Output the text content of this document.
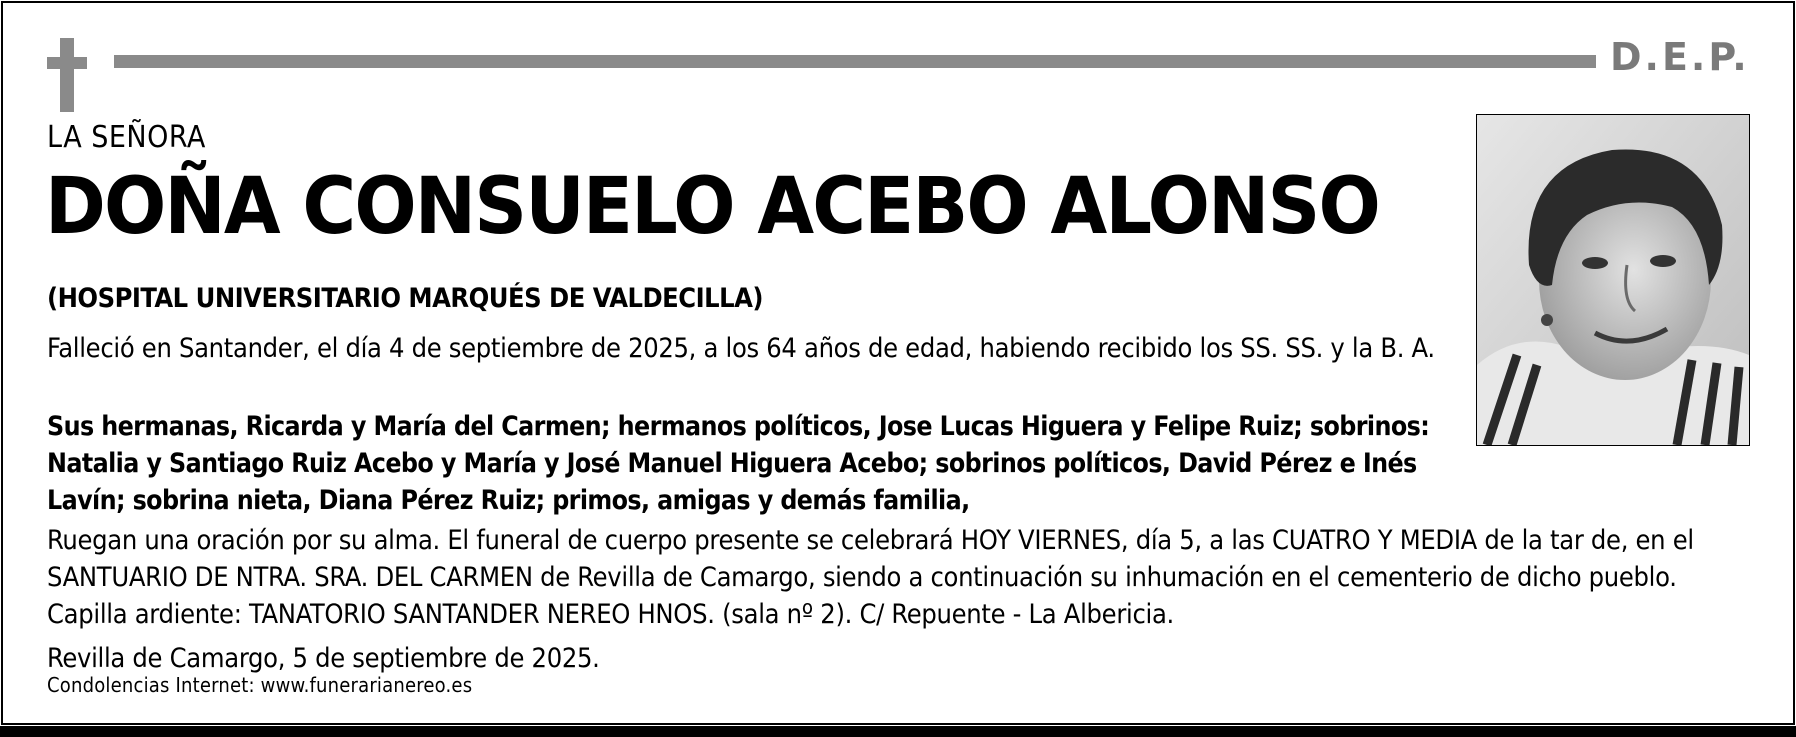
D.E.P.
LA SEÑORA
DOÑA CONSUELO ACEBO ALONSO
(HOSPITAL UNIVERSITARIO MARQUÉS DE VALDECILLA)

Falleció en Santander, el día 4 de septiembre de 2025, a los 64 años de edad, habiendo recibido los SS. SS. y la B. A.

Sus hermanas, Ricarda y María del Carmen; hermanos políticos, Jose Lucas Higuera y Felipe Ruiz; sobrinos: Natalia y Santiago Ruiz Acebo y María y José Manuel Higuera Acebo; sobrinos políticos, David Pérez e Inés Lavín; sobrina nieta, Diana Pérez Ruiz; primos, amigas y demás familia,

Ruegan una oración por su alma. El funeral de cuerpo presente se celebrará HOY VIERNES, día 5, a las CUATRO Y MEDIA de la tar de, en el SANTUARIO DE NTRA. SRA. DEL CARMEN de Revilla de Camargo, siendo a continuación su inhumación en el cementerio de dicho pueblo. Capilla ardiente: TANATORIO SANTANDER NEREO HNOS. (sala nº 2). C/ Repuente - La Albericia.

Revilla de Camargo, 5 de septiembre de 2025.

Condolencias Internet: www.funerarianereo.es
